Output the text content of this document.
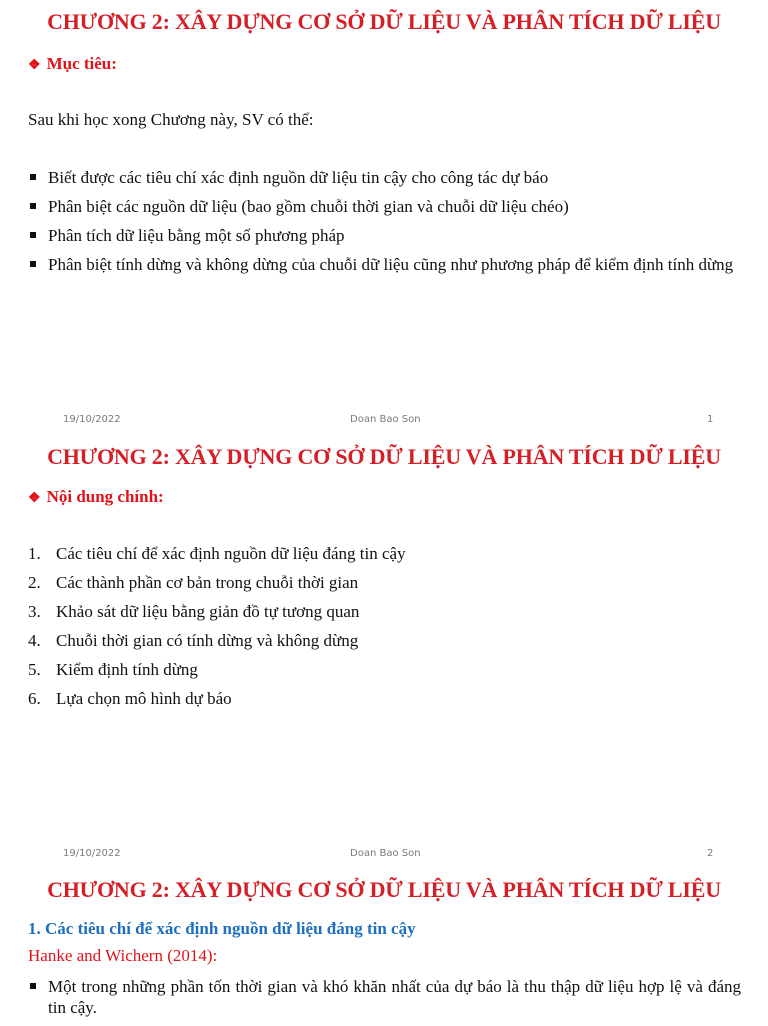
CHƯƠNG 2: XÂY DỰNG CƠ SỞ DỮ LIỆU VÀ PHÂN TÍCH DỮ LIỆU
❖ Mục tiêu:
Sau khi học xong Chương này, SV có thể:
Biết được các tiêu chí xác định nguồn dữ liệu tin cậy cho công tác dự báo
Phân biệt các nguồn dữ liệu (bao gồm chuỗi thời gian và chuỗi dữ liệu chéo)
Phân tích dữ liệu bằng một số phương pháp
Phân biệt tính dừng và không dừng của chuỗi dữ liệu cũng như phương pháp để kiểm định tính dừng
19/10/2022	Doan Bao Son	1
CHƯƠNG 2: XÂY DỰNG CƠ SỞ DỮ LIỆU VÀ PHÂN TÍCH DỮ LIỆU
❖ Nội dung chính:
1. Các tiêu chí để xác định nguồn dữ liệu đáng tin cậy
2. Các thành phần cơ bản trong chuỗi thời gian
3. Khảo sát dữ liệu bằng giản đồ tự tương quan
4. Chuỗi thời gian có tính dừng và không dừng
5. Kiểm định tính dừng
6. Lựa chọn mô hình dự báo
19/10/2022	Doan Bao Son	2
CHƯƠNG 2: XÂY DỰNG CƠ SỞ DỮ LIỆU VÀ PHÂN TÍCH DỮ LIỆU
1. Các tiêu chí để xác định nguồn dữ liệu đáng tin cậy
Hanke and Wichern (2014):
Một trong những phần tốn thời gian và khó khăn nhất của dự báo là thu thập dữ liệu hợp lệ và đáng tin cậy.
